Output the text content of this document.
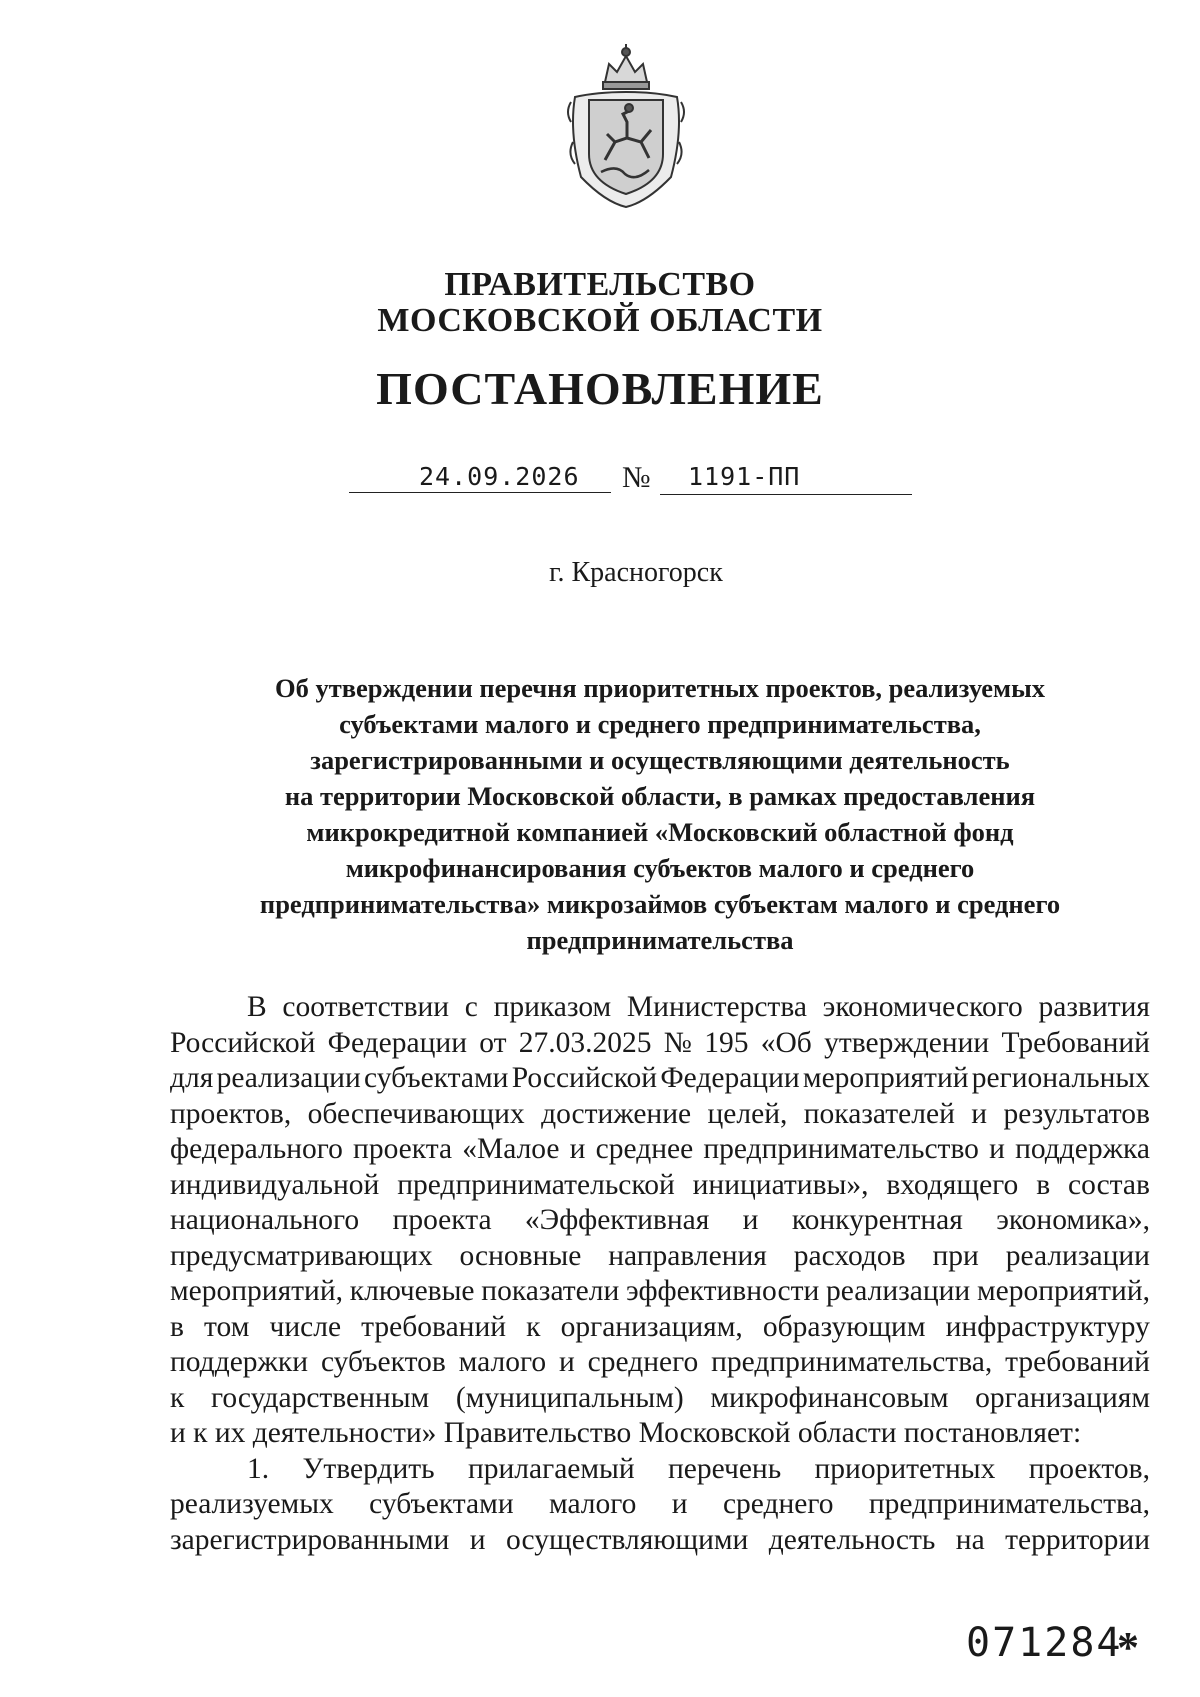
ПРАВИТЕЛЬСТВО
МОСКОВСКОЙ ОБЛАСТИ
ПОСТАНОВЛЕНИЕ
24.09.2026 № 1191-ПП
г. Красногорск
Об утверждении перечня приоритетных проектов, реализуемых
субъектами малого и среднего предпринимательства,
зарегистрированными и осуществляющими деятельность
на территории Московской области, в рамках предоставления
микрокредитной компанией «Московский областной фонд
микрофинансирования субъектов малого и среднего
предпринимательства» микрозаймов субъектам малого и среднего
предпринимательства
В соответствии с приказом Министерства экономического развития
Российской Федерации от 27.03.2025 № 195 «Об утверждении Требований
для реализации субъектами Российской Федерации мероприятий региональных
проектов, обеспечивающих достижение целей, показателей и результатов
федерального проекта «Малое и среднее предпринимательство и поддержка
индивидуальной предпринимательской инициативы», входящего в состав
национального проекта «Эффективная и конкурентная экономика»,
предусматривающих основные направления расходов при реализации
мероприятий, ключевые показатели эффективности реализации мероприятий,
в том числе требований к организациям, образующим инфраструктуру
поддержки субъектов малого и среднего предпринимательства, требований
к государственным (муниципальным) микрофинансовым организациям
и к их деятельности» Правительство Московской области постановляет:
1. Утвердить прилагаемый перечень приоритетных проектов,
реализуемых субъектами малого и среднего предпринимательства,
зарегистрированными и осуществляющими деятельность на территории
071284
*
